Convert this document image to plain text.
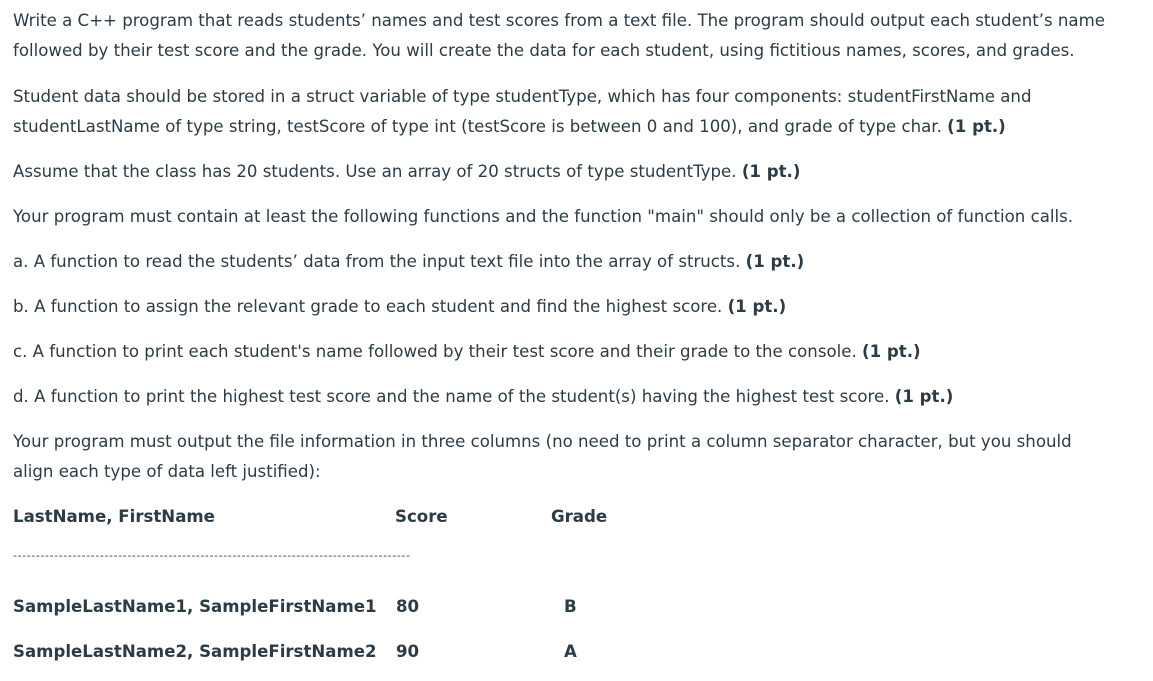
Write a C++ program that reads students’ names and test scores from a text file. The program should output each student’s name
followed by their test score and the grade. You will create the data for each student, using fictitious names, scores, and grades.
Student data should be stored in a struct variable of type studentType, which has four components: studentFirstName and
studentLastName of type string, testScore of type int (testScore is between 0 and 100), and grade of type char. (1 pt.)
Assume that the class has 20 students. Use an array of 20 structs of type studentType. (1 pt.)
Your program must contain at least the following functions and the function "main" should only be a collection of function calls.
a. A function to read the students’ data from the input text file into the array of structs. (1 pt.)
b. A function to assign the relevant grade to each student and find the highest score. (1 pt.)
c. A function to print each student's name followed by their test score and their grade to the console. (1 pt.)
d. A function to print the highest test score and the name of the student(s) having the highest test score. (1 pt.)
Your program must output the file information in three columns (no need to print a column separator character, but you should
align each type of data left justified):
LastName, FirstName	Score	Grade
---------------------------------------------------------------------------------------
SampleLastName1, SampleFirstName1 80	B
SampleLastName2, SampleFirstName2 90	A
